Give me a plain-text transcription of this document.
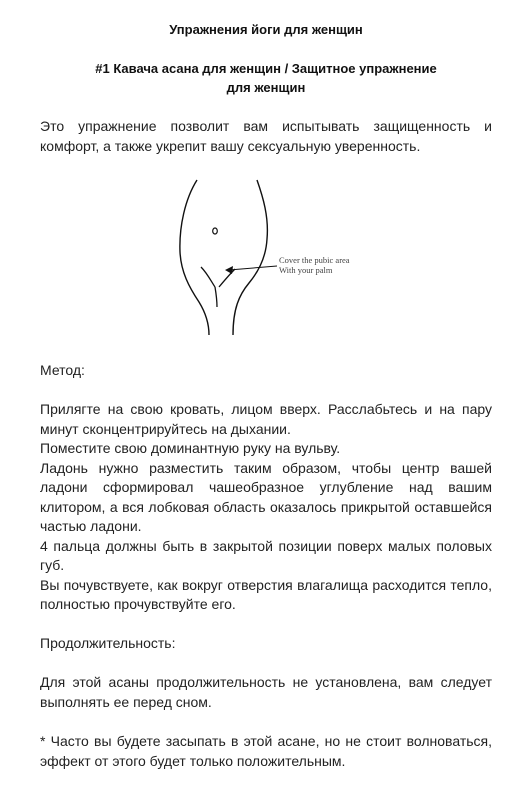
Упражнения йоги для женщин
#1 Кавача асана для женщин / Защитное упражнение
для женщин

Это упражнение позволит вам испытывать защищенность и комфорт, а также укрепит вашу сексуальную уверенность.

Cover the pubic area
With your palm

Метод:

Прилягте на свою кровать, лицом вверх. Расслабьтесь и на пару минут сконцентрируйтесь на дыхании.
Поместите свою доминантную руку на вульву.
Ладонь нужно разместить таким образом, чтобы центр вашей ладони сформировал чашеобразное углубление над вашим клитором, а вся лобковая область оказалось прикрытой оставшейся частью ладони.
4 пальца должны быть в закрытой позиции поверх малых половых губ.
Вы почувствуете, как вокруг отверстия влагалища расходится тепло, полностью прочувствуйте его.

Продолжительность:

Для этой асаны продолжительность не установлена, вам следует выполнять ее перед сном.

* Часто вы будете засыпать в этой асане, но не стоит волноваться, эффект от этого будет только положительным.
